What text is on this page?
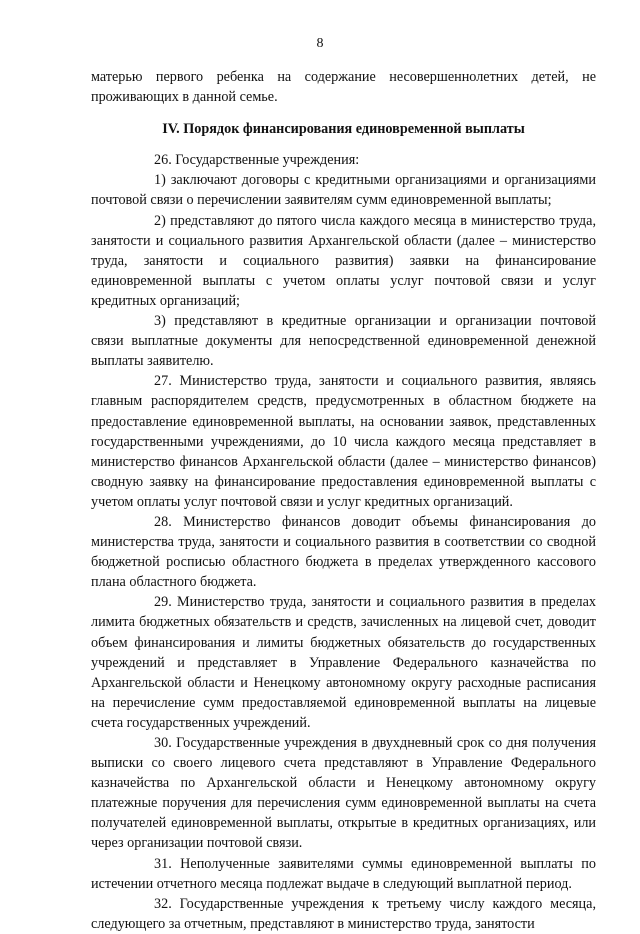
8

матерью первого ребенка на содержание несовершеннолетних детей, не проживающих в данной семье.

IV. Порядок финансирования единовременной выплаты

26. Государственные учреждения:

1) заключают договоры с кредитными организациями и организациями почтовой связи о перечислении заявителям сумм единовременной выплаты;

2) представляют до пятого числа каждого месяца в министерство труда, занятости и социального развития Архангельской области (далее – министерство труда, занятости и социального развития) заявки на финансирование единовременной выплаты с учетом оплаты услуг почтовой связи и услуг кредитных организаций;

3) представляют в кредитные организации и организации почтовой связи выплатные документы для непосредственной единовременной денежной выплаты заявителю.

27. Министерство труда, занятости и социального развития, являясь главным распорядителем средств, предусмотренных в областном бюджете на предоставление единовременной выплаты, на основании заявок, представленных государственными учреждениями, до 10 числа каждого месяца представляет в министерство финансов Архангельской области (далее – министерство финансов) сводную заявку на финансирование предоставления единовременной выплаты с учетом оплаты услуг почтовой связи и услуг кредитных организаций.

28. Министерство финансов доводит объемы финансирования до министерства труда, занятости и социального развития в соответствии со сводной бюджетной росписью областного бюджета в пределах утвержденного кассового плана областного бюджета.

29. Министерство труда, занятости и социального развития в пределах лимита бюджетных обязательств и средств, зачисленных на лицевой счет, доводит объем финансирования и лимиты бюджетных обязательств до государственных учреждений и представляет в Управление Федерального казначейства по Архангельской области и Ненецкому автономному округу расходные расписания на перечисление сумм предоставляемой единовременной выплаты на лицевые счета государственных учреждений.

30. Государственные учреждения в двухдневный срок со дня получения выписки со своего лицевого счета представляют в Управление Федерального казначейства по Архангельской области и Ненецкому автономному округу платежные поручения для перечисления сумм единовременной выплаты на счета получателей единовременной выплаты, открытые в кредитных организациях, или через организации почтовой связи.

31. Неполученные заявителями суммы единовременной выплаты по истечении отчетного месяца подлежат выдаче в следующий выплатной период.

32. Государственные учреждения к третьему числу каждого месяца, следующего за отчетным, представляют в министерство труда, занятости
